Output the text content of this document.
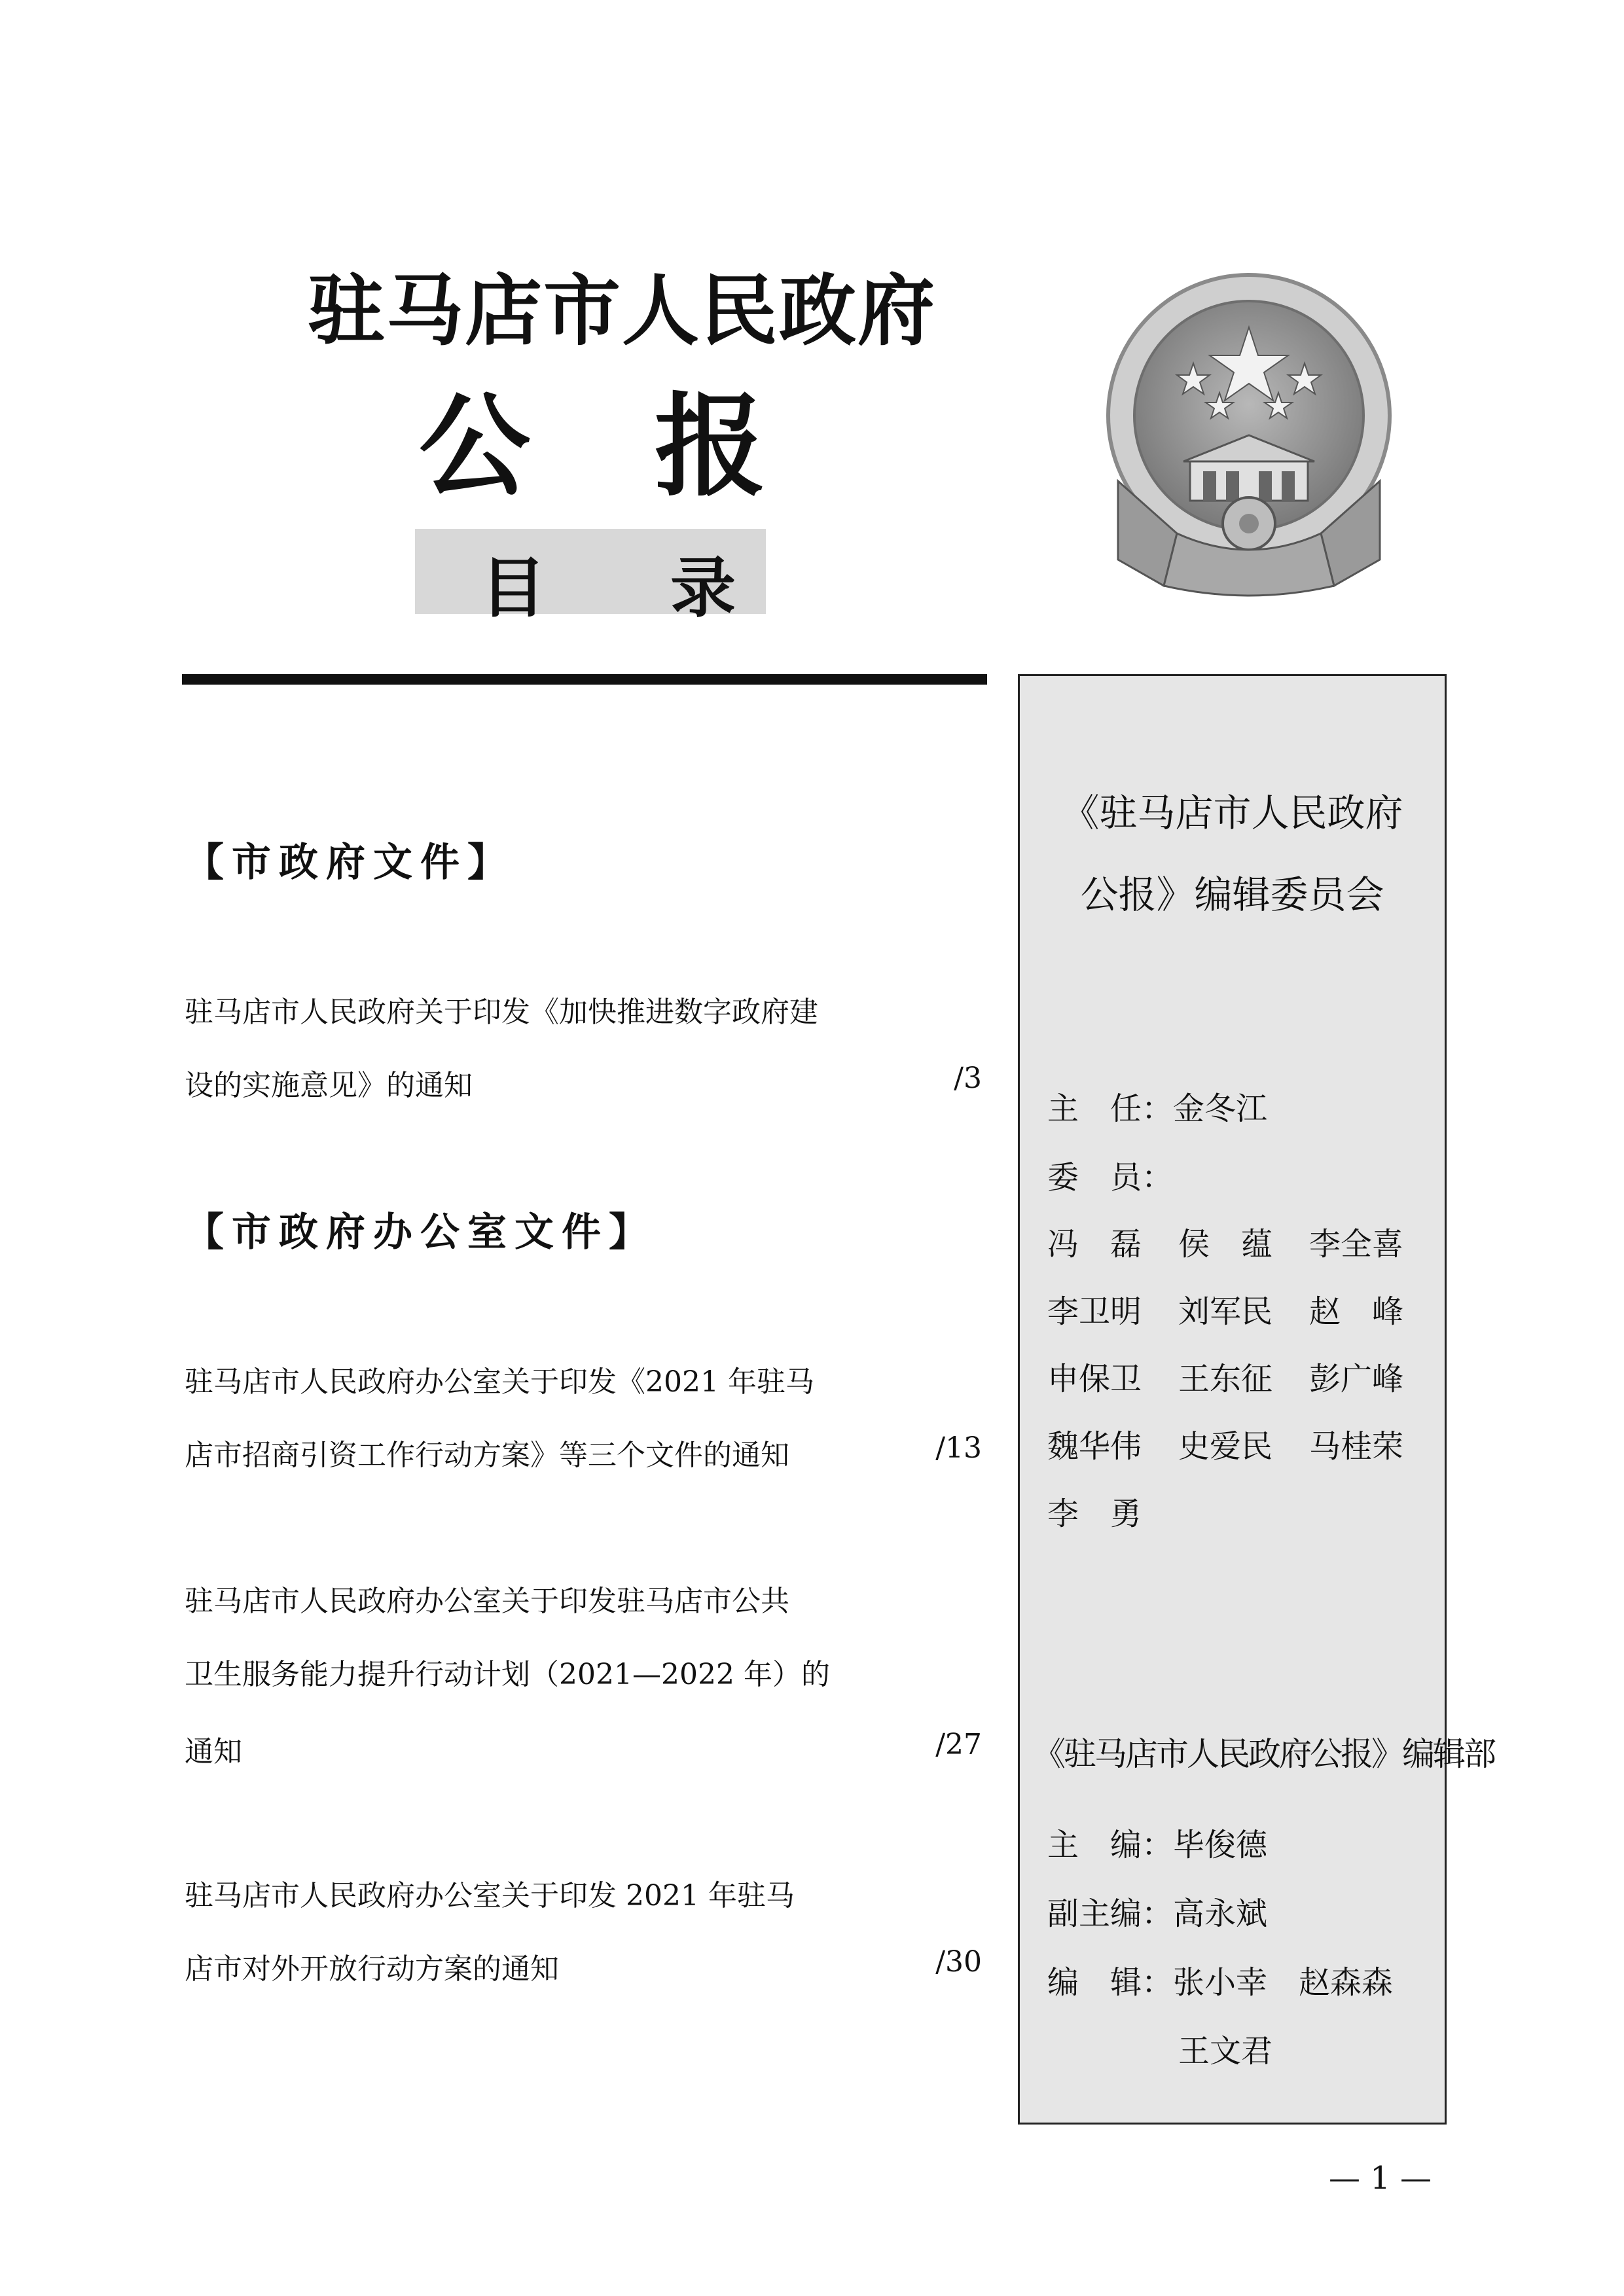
驻马店市人民政府
公 报
目 录
【市政府文件】
驻马店市人民政府关于印发《加快推进数字政府建
设的实施意见》的通知	/3
【市政府办公室文件】
驻马店市人民政府办公室关于印发《2021 年驻马
店市招商引资工作行动方案》等三个文件的通知	/13
驻马店市人民政府办公室关于印发驻马店市公共
卫生服务能力提升行动计划（2021—2022 年）的
通知	/27
驻马店市人民政府办公室关于印发 2021 年驻马
店市对外开放行动方案的通知	/30
《驻马店市人民政府
公报》编辑委员会
主　任：金冬江
委　员：
冯　磊 侯　蕴 李全喜
李卫明 刘军民 赵　峰
申保卫 王东征 彭广峰
魏华伟 史爱民 马桂荣
李　勇
《驻马店市人民政府公报》编辑部
主　编：毕俊德
副主编：高永斌
编　辑：张小幸　赵森森
王文君
— 1 —
